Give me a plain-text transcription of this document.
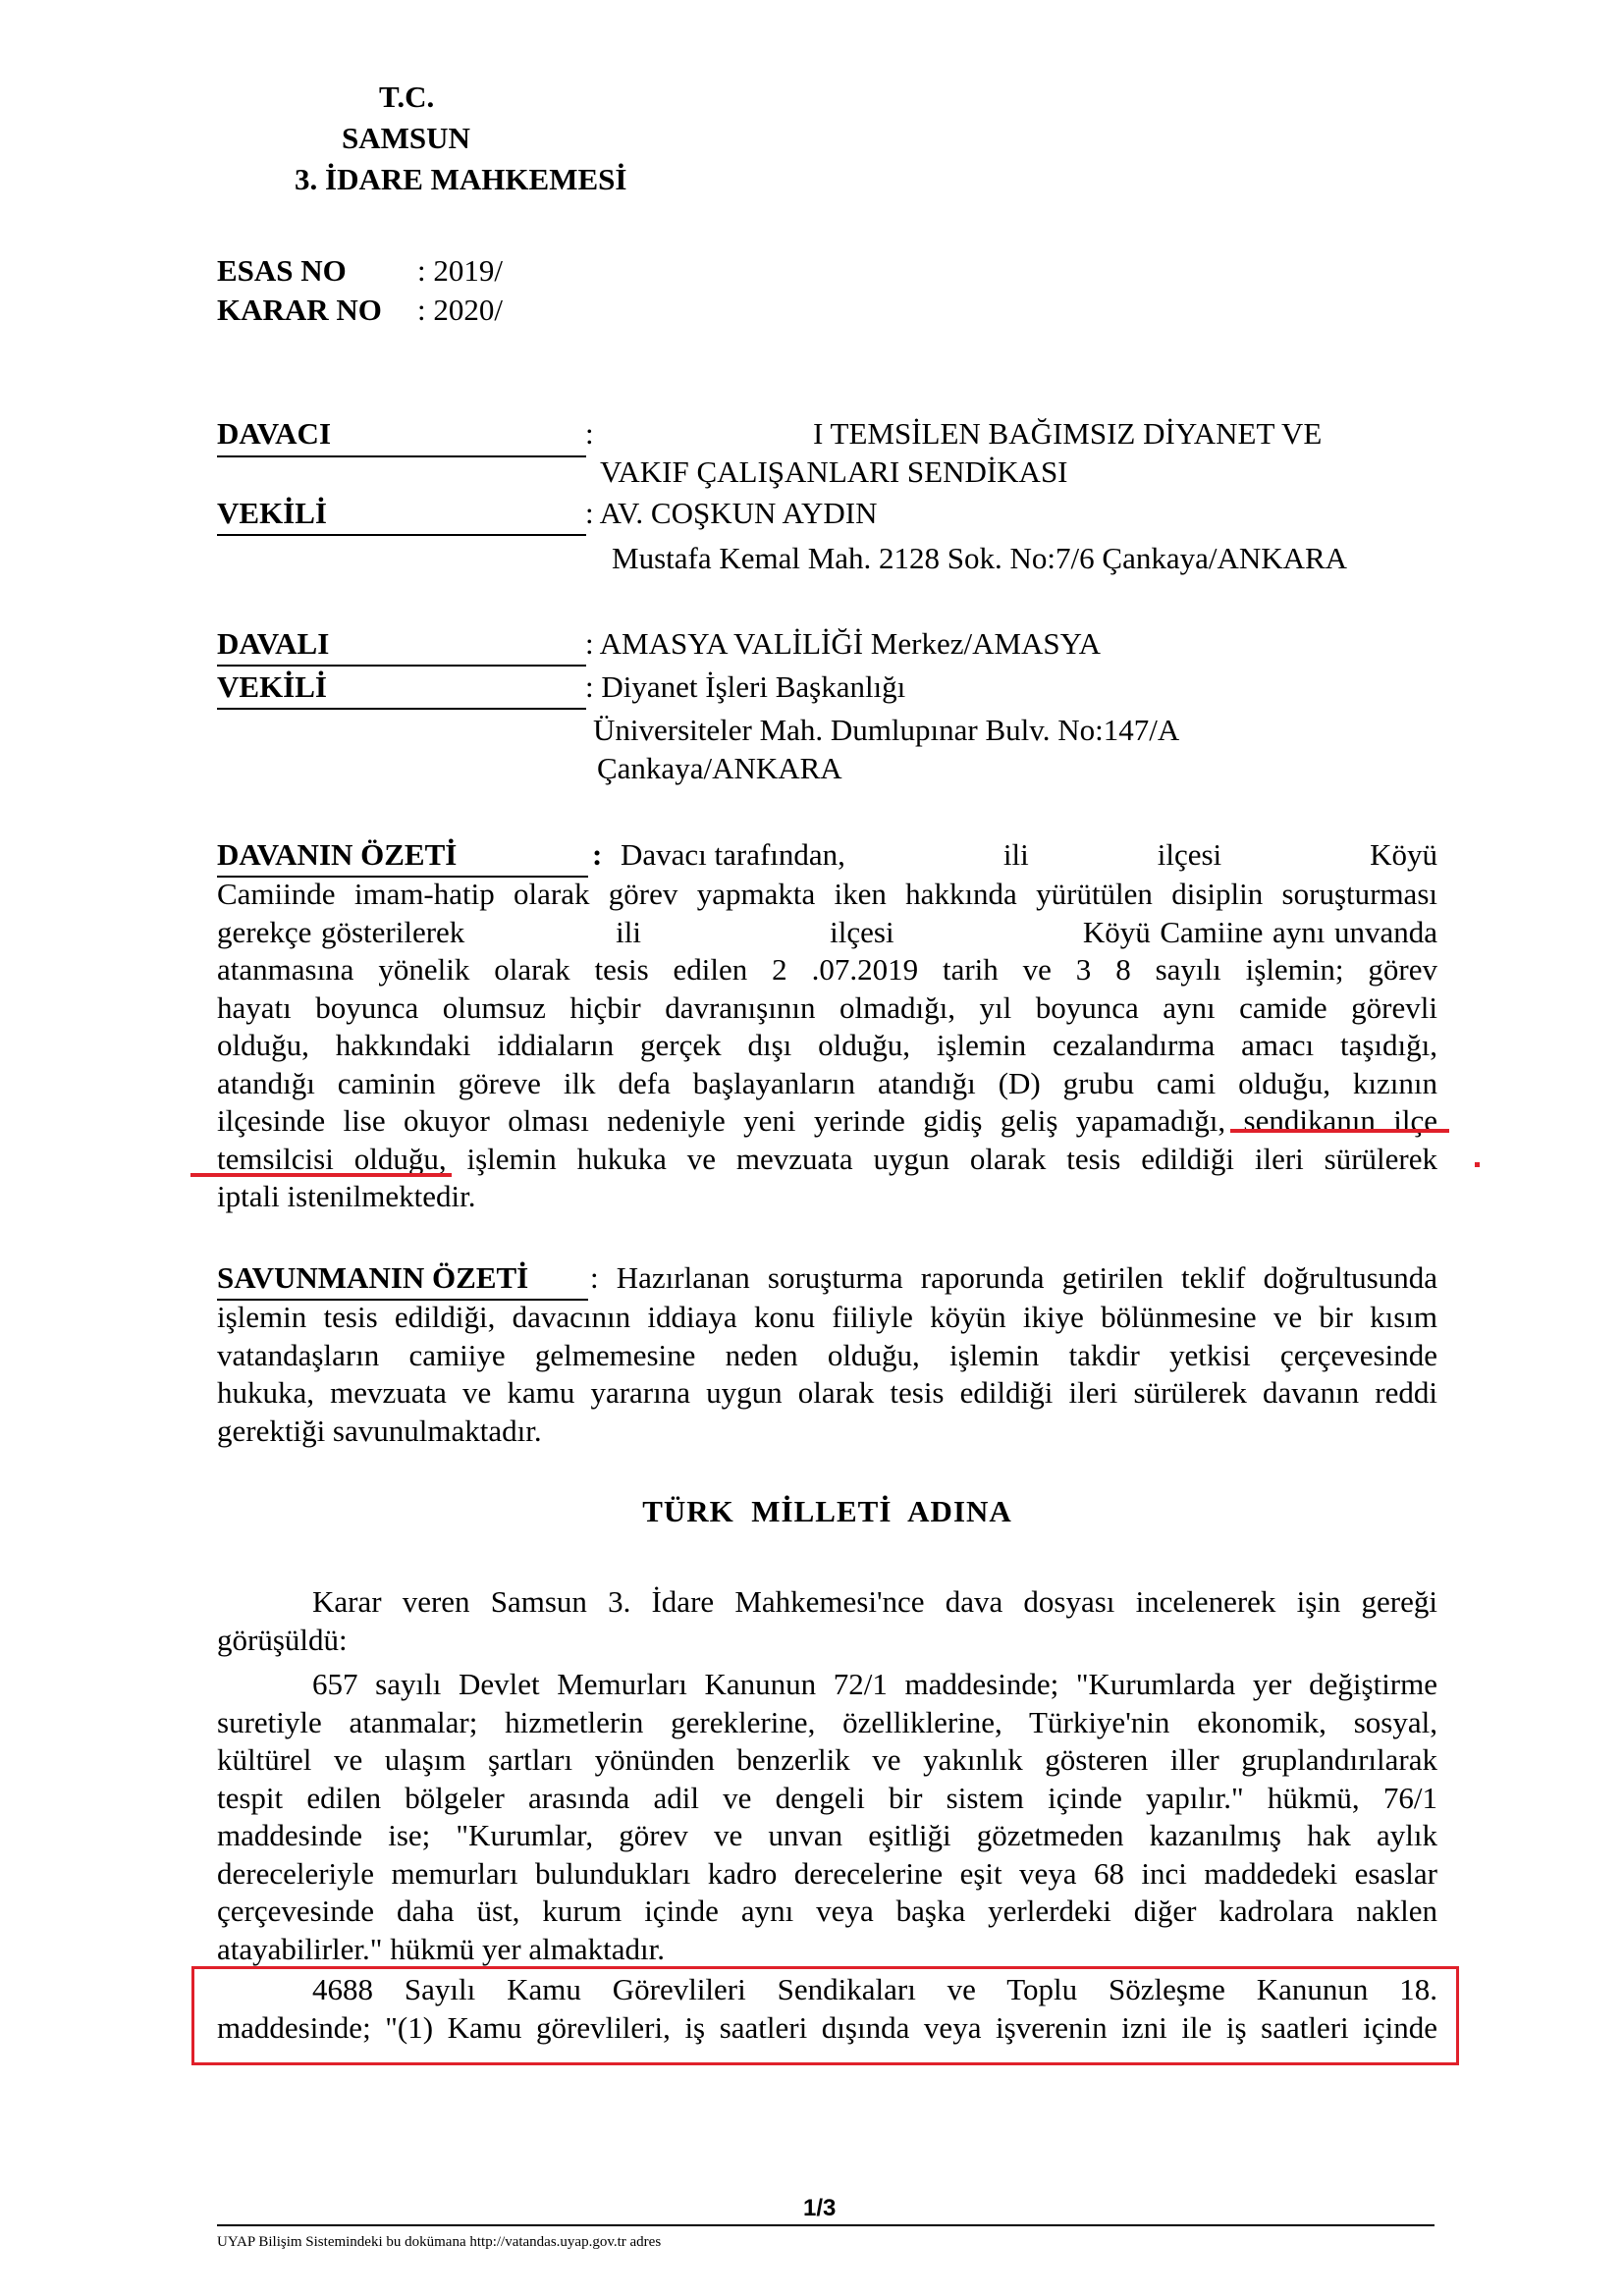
T.C.
SAMSUN
3. İDARE MAHKEMESİ
ESAS NO : 2019/
KARAR NO : 2020/
DAVACI	:	I TEMSİLEN BAĞIMSIZ DİYANET VE
VAKIF ÇALIŞANLARI SENDİKASI
VEKİLİ	: AV. COŞKUN AYDIN
Mustafa Kemal Mah. 2128 Sok. No:7/6 Çankaya/ANKARA
DAVALI	: AMASYA VALİLİĞİ Merkez/AMASYA
VEKİLİ	: Diyanet İşleri Başkanlığı
Üniversiteler Mah. Dumlupınar Bulv. No:147/A
Çankaya/ANKARA
DAVANIN ÖZETİ	: Davacı tarafından,	ili	ilçesi	Köyü
Camiinde imam-hatip olarak görev yapmakta iken hakkında yürütülen disiplin soruşturması
gerekçe gösterilerek                ili                    ilçesi                    Köyü Camiine aynı unvanda
atanmasına yönelik olarak tesis edilen 2 .07.2019 tarih ve 3 8 sayılı işlemin; görev
hayatı boyunca olumsuz hiçbir davranışının olmadığı, yıl boyunca aynı camide görevli
olduğu, hakkındaki iddiaların gerçek dışı olduğu, işlemin cezalandırma amacı taşıdığı,
atandığı caminin göreve ilk defa başlayanların atandığı (D) grubu cami olduğu, kızının
ilçesinde lise okuyor olması nedeniyle yeni yerinde gidiş geliş yapamadığı, sendikanın ilçe
temsilcisi olduğu, işlemin hukuka ve mevzuata uygun olarak tesis edildiği ileri sürülerek
iptali istenilmektedir.
SAVUNMANIN ÖZETİ : Hazırlanan soruşturma raporunda getirilen teklif doğrultusunda
işlemin tesis edildiği, davacının iddiaya konu fiiliyle köyün ikiye bölünmesine ve bir kısım
vatandaşların camiiye gelmemesine neden olduğu, işlemin takdir yetkisi çerçevesinde
hukuka, mevzuata ve kamu yararına uygun olarak tesis edildiği ileri sürülerek davanın reddi
gerektiği savunulmaktadır.
TÜRK  MİLLETİ  ADINA
Karar veren Samsun 3. İdare Mahkemesi'nce dava dosyası incelenerek işin gereği
görüşüldü:
657 sayılı Devlet Memurları Kanunun 72/1 maddesinde; "Kurumlarda yer değiştirme
suretiyle atanmalar; hizmetlerin gereklerine, özelliklerine, Türkiye'nin ekonomik, sosyal,
kültürel ve ulaşım şartları yönünden benzerlik ve yakınlık gösteren iller gruplandırılarak
tespit edilen bölgeler arasında adil ve dengeli bir sistem içinde yapılır." hükmü, 76/1
maddesinde ise; "Kurumlar, görev ve unvan eşitliği gözetmeden kazanılmış hak aylık
dereceleriyle memurları bulundukları kadro derecelerine eşit veya 68 inci maddedeki esaslar
çerçevesinde daha üst, kurum içinde aynı veya başka yerlerdeki diğer kadrolara naklen
atayabilirler." hükmü yer almaktadır.
4688 Sayılı Kamu Görevlileri Sendikaları ve Toplu Sözleşme Kanunun 18.
maddesinde; "(1) Kamu görevlileri, iş saatleri dışında veya işverenin izni ile iş saatleri içinde
1/3
UYAP Bilişim Sistemindeki bu dokümana http://vatandas.uyap.gov.tr adres
